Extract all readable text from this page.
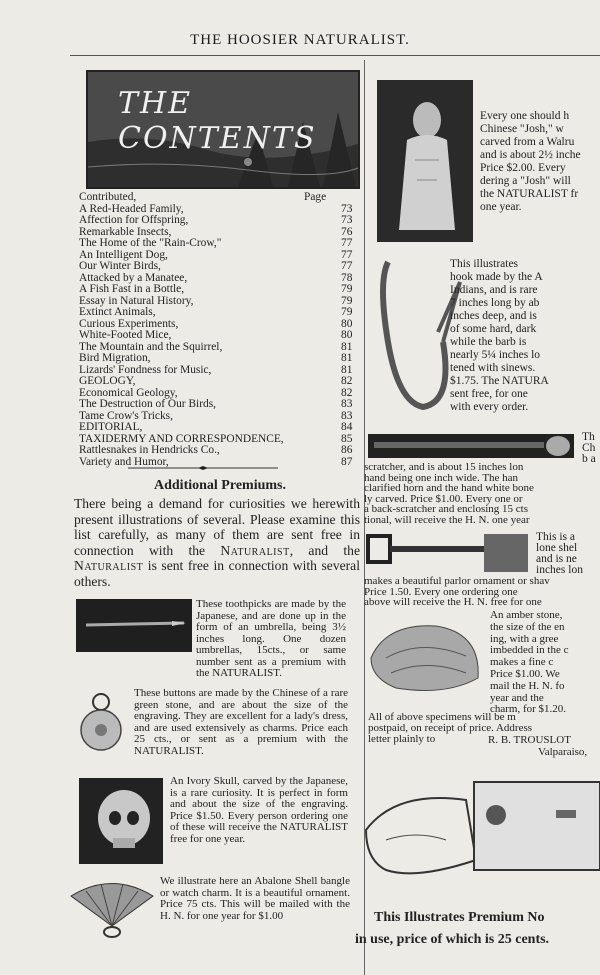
THE HOOSIER NATURALIST.
THE CONTENTS
Contributed,	Page
A Red-Headed Family,	73
Affection for Offspring,	73
Remarkable Insects,	76
The Home of the "Rain-Crow,"	77
An Intelligent Dog,	77
Our Winter Birds,	77
Attacked by a Manatee,	78
A Fish Fast in a Bottle,	79
Essay in Natural History,	79
Extinct Animals,	79
Curious Experiments,	80
White-Footed Mice,	80
The Mountain and the Squirrel,	81
Bird Migration,	81
Lizards' Fondness for Music,	81
GEOLOGY,	82
Economical Geology,	82
The Destruction of Our Birds,	83
Tame Crow's Tricks,	83
EDITORIAL,	84
TAXIDERMY AND CORRESPONDENCE,	85
Rattlesnakes in Hendricks Co.,	86
Variety and Humor,	87
Additional Premiums.
There being a demand for curiosities we herewith present illustrations of several. Please examine this list carefully, as many of them are sent free in connection with the Naturalist, and the Naturalist is sent free in connection with several others.
These toothpicks are made by the Japanese, and are done up in the form of an umbrella, being 3½ inches long. One dozen umbrellas, 15cts., or same number sent as a premium with the NATURALIST.
These buttons are made by the Chinese of a rare green stone, and are about the size of the engraving. They are excellent for a lady's dress, and are used extensively as charms. Price each 25 cts., or sent as a premium with the NATURALIST.
An Ivory Skull, carved by the Japanese, is a rare curiosity. It is perfect in form and about the size of the engraving. Price $1.50. Every person ordering one of these will receive the NATURALIST free for one year.
We illustrate here an Abalone Shell bangle or watch charm. It is a beautiful ornament. Price 75 cts. This will be mailed with the H. N. for one year for $1.00
Every one should h
Chinese "Josh," w
carved from a Walru
and is about 2½ inche
Price $2.00. Every
dering a "Josh" will
the NATURALIST fr
one year.
This illustrates
hook made by the A
Indians, and is rare
7 inches long by ab
inches deep, and is
of some hard, dark
while the barb is
nearly 5¼ inches lo
tened with sinews.
$1.75. The NATURA
sent free, for one
with every order.
Th
Ch
b a
scratcher, and is about 15 inches lon
hand being one inch wide. The han
clarified horn and the hand white bone
ly carved. Price $1.00. Every one or
a back-scratcher and enclosing 15 cts
tional, will receive the H. N. one year
This is a
lone shel
and is ne
inches lon
makes a beautiful parlor ornament or shav
Price 1.50. Every one ordering one
above will receive the H. N. free for one
An amber stone,
the size of the en
ing, with a gree
imbedded in the c
makes a fine c
Price $1.00. We
mail the H. N. fo
year and the
charm, for $1.20.
All of above specimens will be m
postpaid, on receipt of price. Address
letter plainly to	R. B. TROUSLOT
Valparaiso,
This Illustrates Premium No
in use, price of which is 25 cents.
